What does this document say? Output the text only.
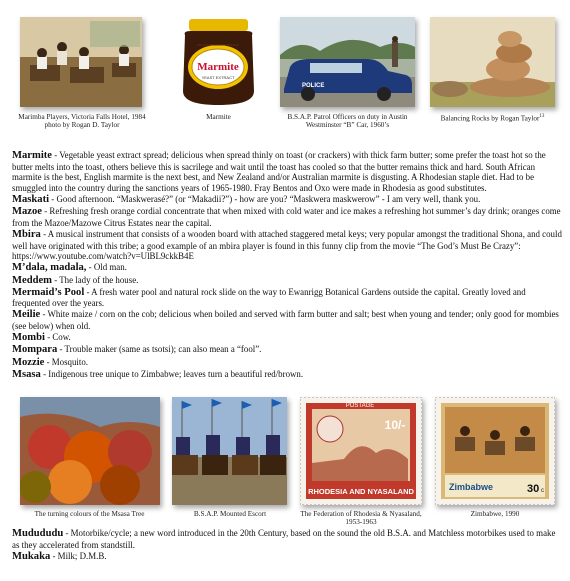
Marimba Players, Victoria Falls Hotel, 1984
photo by Rogan D. Taylor
Marmite
YEAST EXTRACT
Marmite
POLICE
B.S.A.P. Patrol Officers on duty in Austin
Westminster “B” Car, 1960’s
Balancing Rocks by Rogan Taylor$^{13}$

Marmite - Vegetable yeast extract spread; delicious when spread thinly on toast (or crackers) with thick farm butter; some prefer the toast hot so the butter melts into the toast, others believe this is sacrilege and wait until the toast has cooled so that the butter remains thick and hard. South African marmite is the best, English marmite is the next best, and New Zealand and/or Australian marmite is disgusting. A Rhodesian staple diet. Had to be smuggled into the country during the sanctions years of 1965-1980. Fray Bentos and Oxo were made in Rhodesia as good substitutes.

Maskati - Good afternoon. “Maskwerasé?” (or “Makadii?”) - how are you? “Maskwera maskwerow” - I am very well, thank you.

Mazoe - Refreshing fresh orange cordial concentrate that when mixed with cold water and ice makes a refreshing hot summer’s day drink; oranges come from the Mazoe/Mazowe Citrus Estates near the capital.

Mbira - A musical instrument that consists of a wooden board with attached staggered metal keys; very popular amongst the traditional Shona, and could well have originated with this tribe; a good example of an mbira player is found in this funny clip from the movie “The God’s Must Be Crazy”: https://www.youtube.com/watch?v=UlBL9ckkB4E

M’dala, madala, - Old man.

Meddem - The lady of the house.

Mermaid’s Pool - A fresh water pool and natural rock slide on the way to Ewanrigg Botanical Gardens outside the capital. Greatly loved and frequented over the years.

Meilie - White maize / corn on the cob; delicious when boiled and served with farm butter and salt; best when young and tender; only good for mombies (see below) when old.

Mombi - Cow.

Mompara - Trouble maker (same as tsotsi); can also mean a “fool”.

Mozzie - Mosquito.

Msasa - Indigenous tree unique to Zimbabwe; leaves turn a beautiful red/brown.

The turning colours of the Msasa Tree	B.S.A.P. Mounted Escort
POSTAGE
10/-
RHODESIA AND NYASALAND
The Federation of Rhodesia & Nyasaland,
1953-1963
Zimbabwe	30 c
Zimbabwe, 1990

Mudududu - Motorbike/cycle; a new word introduced in the 20th Century, based on the sound the old B.S.A. and Matchless motorbikes used to make as they accelerated from standstill.

Mukaka - Milk; D.M.B.
